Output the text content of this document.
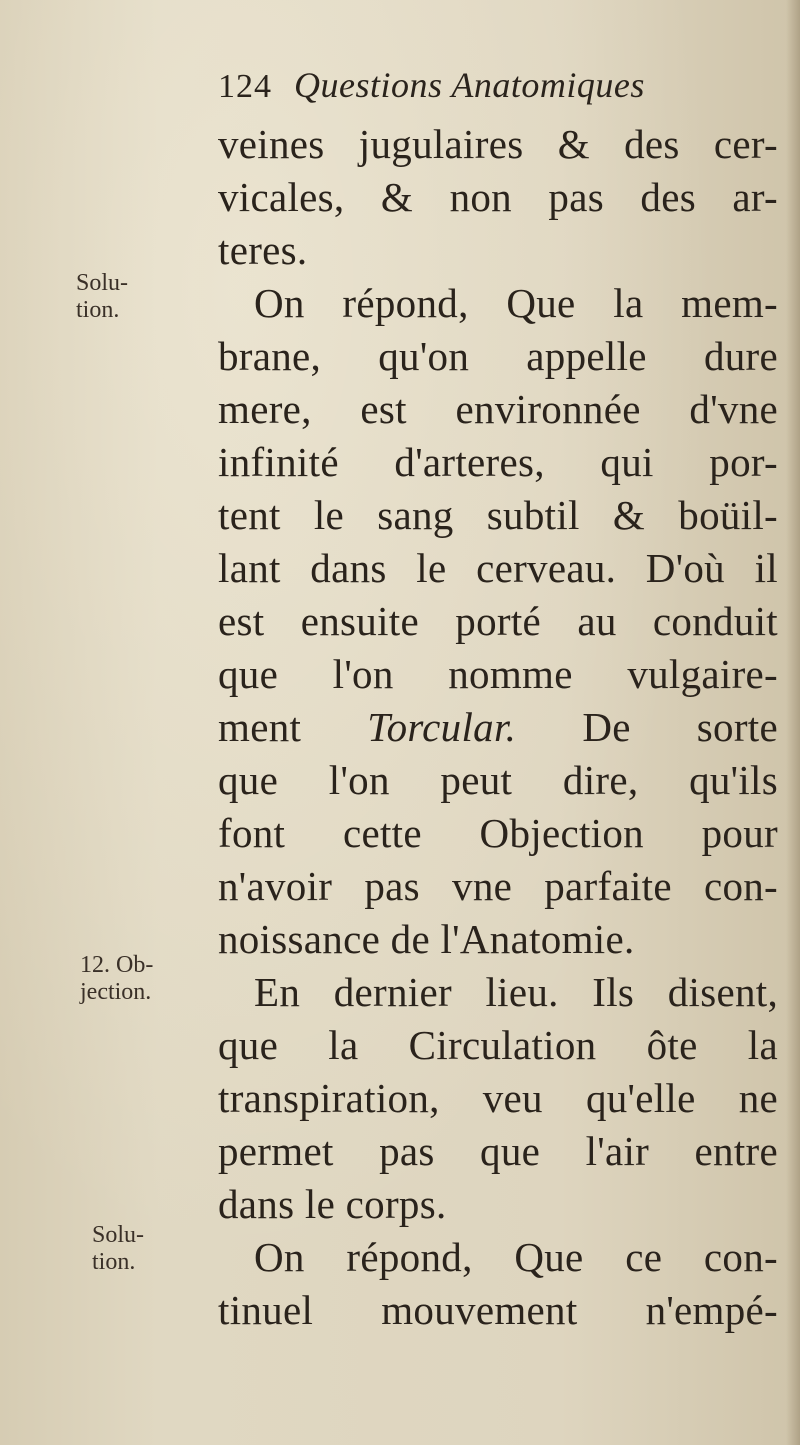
124 Questions Anatomiques
Solu-
tion.
12. Ob-
jection.
Solu-
tion.
veines jugulaires & des cer-
vicales, & non pas des ar-
teres.
On répond, Que la mem-
brane, qu'on appelle dure
mere, est environnée d'vne
infinité d'arteres, qui por-
tent le sang subtil & boüil-
lant dans le cerveau. D'où il
est ensuite porté au conduit
que l'on nomme vulgaire-
ment Torcular. De sorte
que l'on peut dire, qu'ils
font cette Objection pour
n'avoir pas vne parfaite con-
noissance de l'Anatomie.
En dernier lieu. Ils disent,
que la Circulation ôte la
transpiration, veu qu'elle ne
permet pas que l'air entre
dans le corps.
On répond, Que ce con-
tinuel mouvement n'empé-
